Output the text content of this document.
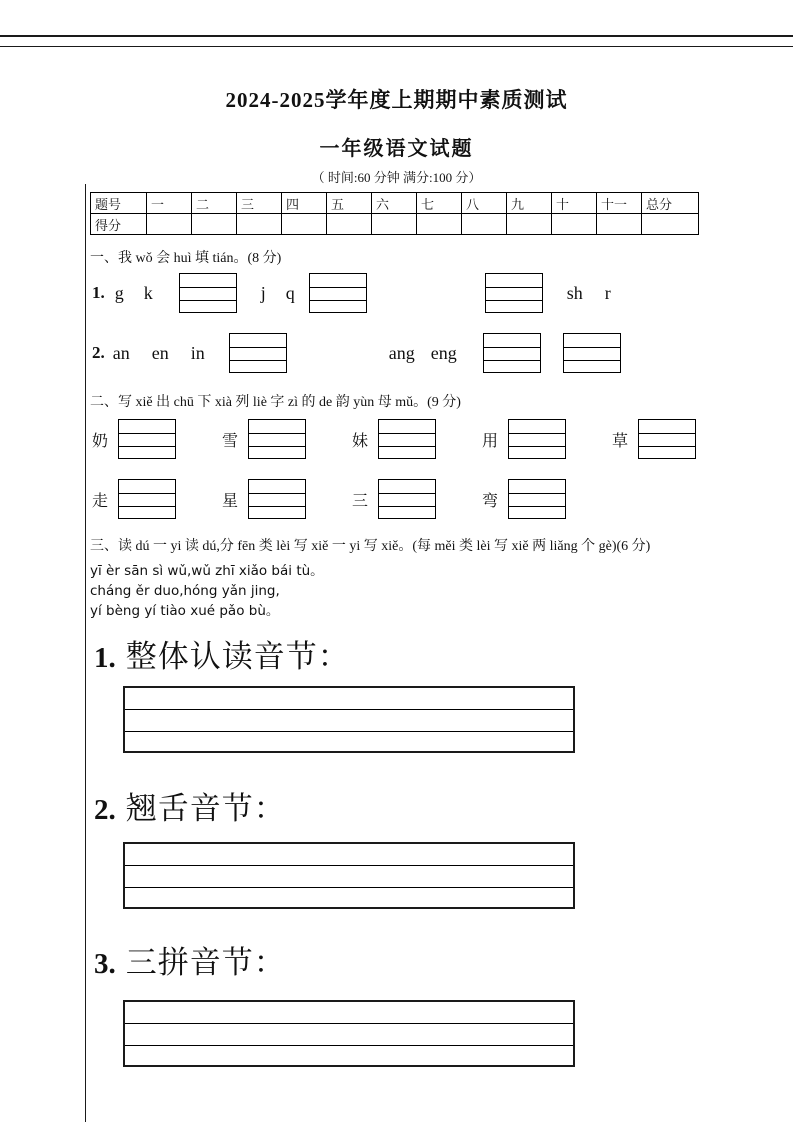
2024-2025学年度上期期中素质测试
一年级语文试题
（ 时间:60 分钟 满分:100 分）
题号	一	二	三	四	五	六	七	八	九	十	十一	总分
得分												
一、我 wǒ 会 huì 填 tián。(8 分)
1. g k	j q	sh r
2. an en in	ang eng
二、写 xiě 出 chū 下 xià 列 liè 字 zì 的 de 韵 yùn 母 mǔ。(9 分)
奶	雪	妹	用	草
走	星	三	弯
三、读 dú 一 yi 读 dú,分 fēn 类 lèi 写 xiě 一 yi 写 xiě。(每 měi 类 lèi 写 xiě 两 liǎng 个 gè)(6 分)
yī èr sān sì wǔ,wǔ zhī xiǎo bái tù。
cháng ěr duo,hóng yǎn jing,
yí bèng yí tiào xué pǎo bù。
1. 整体认读音节：
2. 翘舌音节：
3. 三拼音节：
